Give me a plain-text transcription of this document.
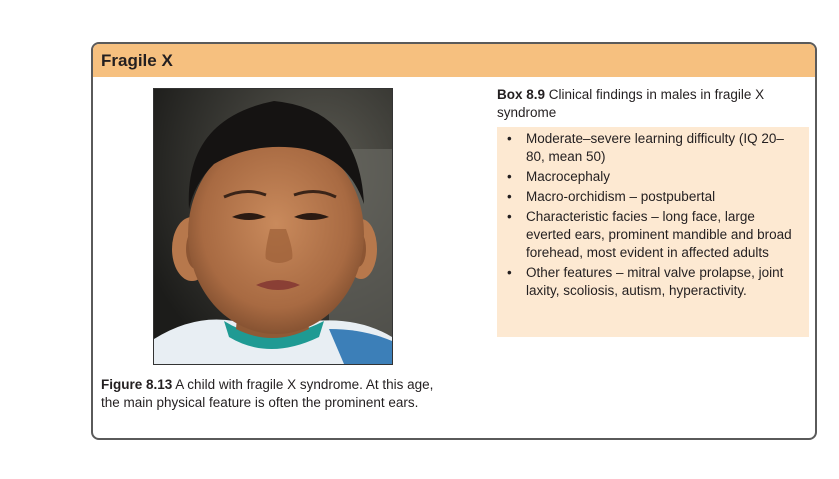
Fragile X
Figure 8.13 A child with fragile X syndrome. At this age, the main physical feature is often the prominent ears.
Box 8.9 Clinical findings in males in fragile X syndrome
• Moderate–severe learning difficulty (IQ 20–80, mean 50)
• Macrocephaly
• Macro-orchidism – postpubertal
• Characteristic facies – long face, large everted ears, prominent mandible and broad forehead, most evident in affected adults
• Other features – mitral valve prolapse, joint laxity, scoliosis, autism, hyperactivity.
